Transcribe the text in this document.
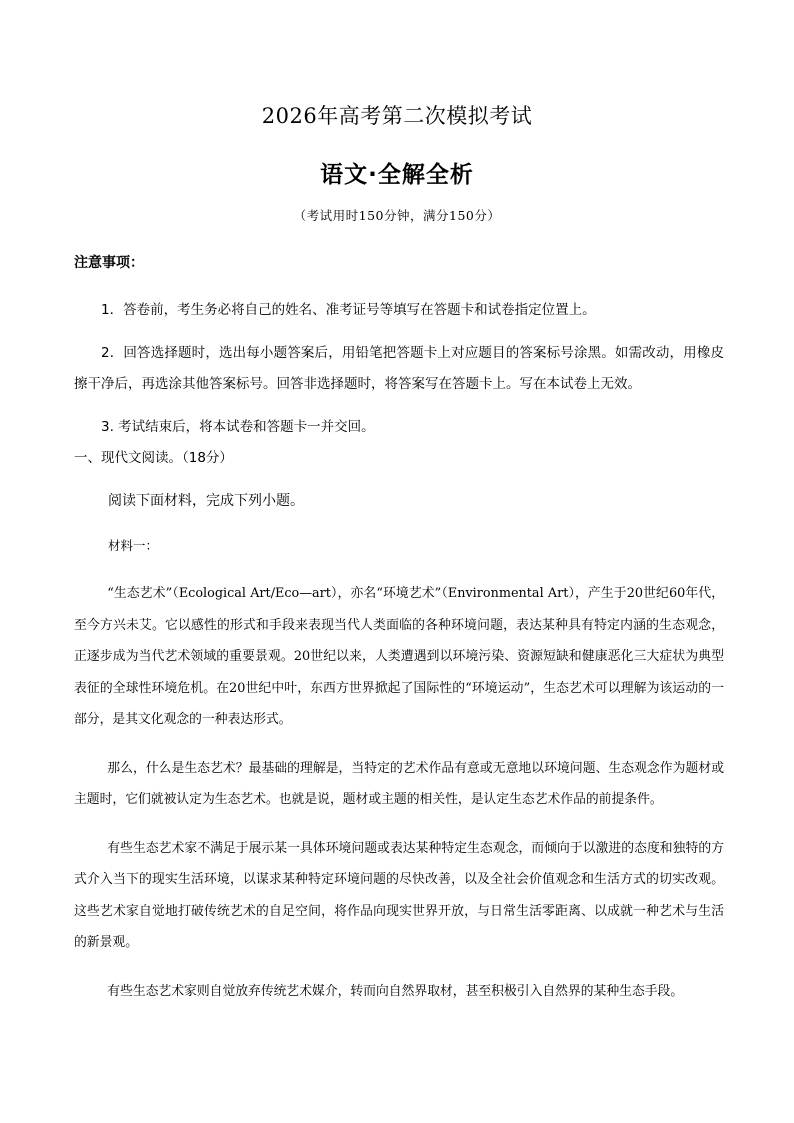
2026年高考第二次模拟考试
语文·全解全析
（考试用时150分钟，满分150分）
注意事项：

1．答卷前，考生务必将自己的姓名、准考证号等填写在答题卡和试卷指定位置上。

2．回答选择题时，选出每小题答案后，用铅笔把答题卡上对应题目的答案标号涂黑。如需改动，用橡皮擦干净后，再选涂其他答案标号。回答非选择题时，将答案写在答题卡上。写在本试卷上无效。

3. 考试结束后，将本试卷和答题卡一并交回。

一、现代文阅读。（18分）
阅读下面材料，完成下列小题。
材料一：

“生态艺术”（Ecological Art/Eco—art），亦名“环境艺术”（Environmental Art），产生于20世纪60年代，至今方兴未艾。它以感性的形式和手段来表现当代人类面临的各种环境问题，表达某种具有特定内涵的生态观念，正逐步成为当代艺术领域的重要景观。20世纪以来，人类遭遇到以环境污染、资源短缺和健康恶化三大症状为典型表征的全球性环境危机。在20世纪中叶，东西方世界掀起了国际性的“环境运动”，生态艺术可以理解为该运动的一部分，是其文化观念的一种表达形式。

那么，什么是生态艺术？最基础的理解是，当特定的艺术作品有意或无意地以环境问题、生态观念作为题材或主题时，它们就被认定为生态艺术。也就是说，题材或主题的相关性，是认定生态艺术作品的前提条件。

有些生态艺术家不满足于展示某一具体环境问题或表达某种特定生态观念，而倾向于以激进的态度和独特的方式介入当下的现实生活环境，以谋求某种特定环境问题的尽快改善，以及全社会价值观念和生活方式的切实改观。这些艺术家自觉地打破传统艺术的自足空间，将作品向现实世界开放，与日常生活零距离、以成就一种艺术与生活的新景观。

有些生态艺术家则自觉放弃传统艺术媒介，转而向自然界取材，甚至积极引入自然界的某种生态手段。
